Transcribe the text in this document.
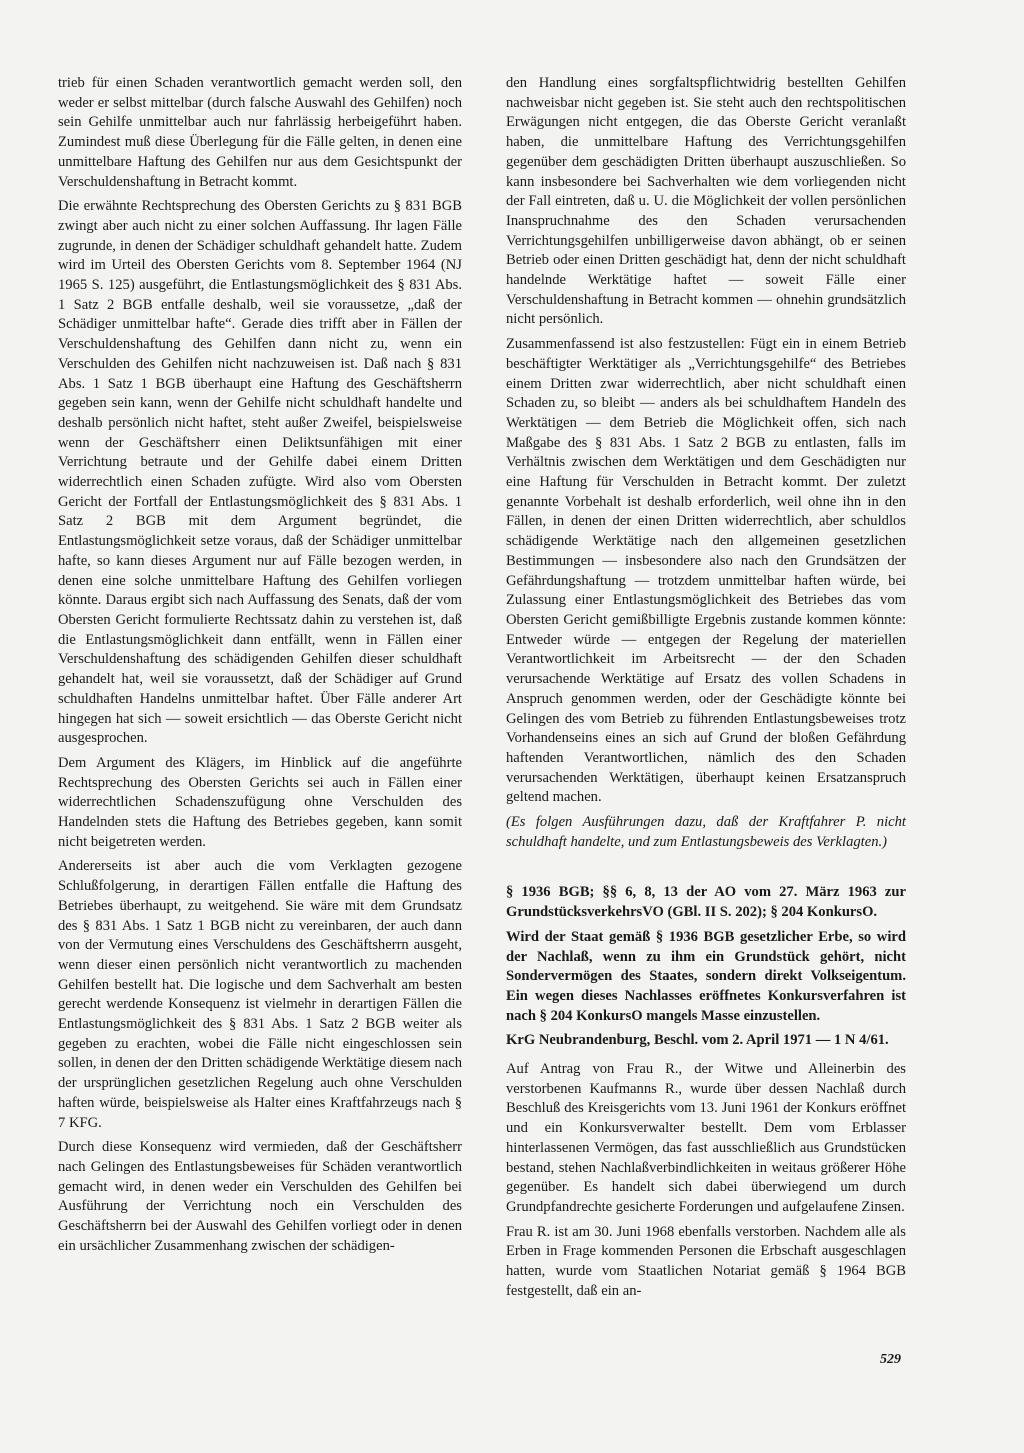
trieb für einen Schaden verantwortlich gemacht werden soll, den weder er selbst mittelbar (durch falsche Auswahl des Gehilfen) noch sein Gehilfe unmittelbar auch nur fahrlässig herbeigeführt haben. Zumindest muß diese Überlegung für die Fälle gelten, in denen eine unmittelbare Haftung des Gehilfen nur aus dem Gesichtspunkt der Verschuldenshaftung in Betracht kommt.

Die erwähnte Rechtsprechung des Obersten Gerichts zu § 831 BGB zwingt aber auch nicht zu einer solchen Auffassung. Ihr lagen Fälle zugrunde, in denen der Schädiger schuldhaft gehandelt hatte. Zudem wird im Urteil des Obersten Gerichts vom 8. September 1964 (NJ 1965 S. 125) ausgeführt, die Entlastungsmöglichkeit des § 831 Abs. 1 Satz 2 BGB entfalle deshalb, weil sie voraussetze, „daß der Schädiger unmittelbar hafte“. Gerade dies trifft aber in Fällen der Verschuldenshaftung des Gehilfen dann nicht zu, wenn ein Verschulden des Gehilfen nicht nachzuweisen ist. Daß nach § 831 Abs. 1 Satz 1 BGB überhaupt eine Haftung des Geschäftsherrn gegeben sein kann, wenn der Gehilfe nicht schuldhaft handelte und deshalb persönlich nicht haftet, steht außer Zweifel, beispielsweise wenn der Geschäftsherr einen Deliktsunfähigen mit einer Verrichtung betraute und der Gehilfe dabei einem Dritten widerrechtlich einen Schaden zufügte. Wird also vom Obersten Gericht der Fortfall der Entlastungsmöglichkeit des § 831 Abs. 1 Satz 2 BGB mit dem Argument begründet, die Entlastungsmöglichkeit setze voraus, daß der Schädiger unmittelbar hafte, so kann dieses Argument nur auf Fälle bezogen werden, in denen eine solche unmittelbare Haftung des Gehilfen vorliegen könnte. Daraus ergibt sich nach Auffassung des Senats, daß der vom Obersten Gericht formulierte Rechtssatz dahin zu verstehen ist, daß die Entlastungsmöglichkeit dann entfällt, wenn in Fällen einer Verschuldenshaftung des schädigenden Gehilfen dieser schuldhaft gehandelt hat, weil sie voraussetzt, daß der Schädiger auf Grund schuldhaften Handelns unmittelbar haftet. Über Fälle anderer Art hingegen hat sich — soweit ersichtlich — das Oberste Gericht nicht ausgesprochen.

Dem Argument des Klägers, im Hinblick auf die angeführte Rechtsprechung des Obersten Gerichts sei auch in Fällen einer widerrechtlichen Schadenszufügung ohne Verschulden des Handelnden stets die Haftung des Betriebes gegeben, kann somit nicht beigetreten werden.

Andererseits ist aber auch die vom Verklagten gezogene Schlußfolgerung, in derartigen Fällen entfalle die Haftung des Betriebes überhaupt, zu weitgehend. Sie wäre mit dem Grundsatz des § 831 Abs. 1 Satz 1 BGB nicht zu vereinbaren, der auch dann von der Vermutung eines Verschuldens des Geschäftsherrn ausgeht, wenn dieser einen persönlich nicht verantwortlich zu machenden Gehilfen bestellt hat. Die logische und dem Sachverhalt am besten gerecht werdende Konsequenz ist vielmehr in derartigen Fällen die Entlastungsmöglichkeit des § 831 Abs. 1 Satz 2 BGB weiter als gegeben zu erachten, wobei die Fälle nicht eingeschlossen sein sollen, in denen der den Dritten schädigende Werktätige diesem nach der ursprünglichen gesetzlichen Regelung auch ohne Verschulden haften würde, beispielsweise als Halter eines Kraftfahrzeugs nach § 7 KFG.

Durch diese Konsequenz wird vermieden, daß der Geschäftsherr nach Gelingen des Entlastungsbeweises für Schäden verantwortlich gemacht wird, in denen weder ein Verschulden des Gehilfen bei Ausführung der Verrichtung noch ein Verschulden des Geschäftsherrn bei der Auswahl des Gehilfen vorliegt oder in denen ein ursächlicher Zusammenhang zwischen der schädigen-

den Handlung eines sorgfaltspflichtwidrig bestellten Gehilfen nachweisbar nicht gegeben ist. Sie steht auch den rechtspolitischen Erwägungen nicht entgegen, die das Oberste Gericht veranlaßt haben, die unmittelbare Haftung des Verrichtungsgehilfen gegenüber dem geschädigten Dritten überhaupt auszuschließen. So kann insbesondere bei Sachverhalten wie dem vorliegenden nicht der Fall eintreten, daß u. U. die Möglichkeit der vollen persönlichen Inanspruchnahme des den Schaden verursachenden Verrichtungsgehilfen unbilligerweise davon abhängt, ob er seinen Betrieb oder einen Dritten geschädigt hat, denn der nicht schuldhaft handelnde Werktätige haftet — soweit Fälle einer Verschuldenshaftung in Betracht kommen — ohnehin grundsätzlich nicht persönlich.

Zusammenfassend ist also festzustellen: Fügt ein in einem Betrieb beschäftigter Werktätiger als „Verrichtungsgehilfe“ des Betriebes einem Dritten zwar widerrechtlich, aber nicht schuldhaft einen Schaden zu, so bleibt — anders als bei schuldhaftem Handeln des Werktätigen — dem Betrieb die Möglichkeit offen, sich nach Maßgabe des § 831 Abs. 1 Satz 2 BGB zu entlasten, falls im Verhältnis zwischen dem Werktätigen und dem Geschädigten nur eine Haftung für Verschulden in Betracht kommt. Der zuletzt genannte Vorbehalt ist deshalb erforderlich, weil ohne ihn in den Fällen, in denen der einen Dritten widerrechtlich, aber schuldlos schädigende Werktätige nach den allgemeinen gesetzlichen Bestimmungen — insbesondere also nach den Grundsätzen der Gefährdungshaftung — trotzdem unmittelbar haften würde, bei Zulassung einer Entlastungsmöglichkeit des Betriebes das vom Obersten Gericht gemißbilligte Ergebnis zustande kommen könnte: Entweder würde — entgegen der Regelung der materiellen Verantwortlichkeit im Arbeitsrecht — der den Schaden verursachende Werktätige auf Ersatz des vollen Schadens in Anspruch genommen werden, oder der Geschädigte könnte bei Gelingen des vom Betrieb zu führenden Entlastungsbeweises trotz Vorhandenseins eines an sich auf Grund der bloßen Gefährdung haftenden Verantwortlichen, nämlich des den Schaden verursachenden Werktätigen, überhaupt keinen Ersatzanspruch geltend machen.

(Es folgen Ausführungen dazu, daß der Kraftfahrer P. nicht schuldhaft handelte, und zum Entlastungsbeweis des Verklagten.)

§ 1936 BGB; §§ 6, 8, 13 der AO vom 27. März 1963 zur GrundstücksverkehrsVO (GBl. II S. 202); § 204 KonkursO.

Wird der Staat gemäß § 1936 BGB gesetzlicher Erbe, so wird der Nachlaß, wenn zu ihm ein Grundstück gehört, nicht Sondervermögen des Staates, sondern direkt Volkseigentum. Ein wegen dieses Nachlasses eröffnetes Konkursverfahren ist nach § 204 KonkursO mangels Masse einzustellen.

KrG Neubrandenburg, Beschl. vom 2. April 1971 — 1 N 4/61.

Auf Antrag von Frau R., der Witwe und Alleinerbin des verstorbenen Kaufmanns R., wurde über dessen Nachlaß durch Beschluß des Kreisgerichts vom 13. Juni 1961 der Konkurs eröffnet und ein Konkursverwalter bestellt. Dem vom Erblasser hinterlassenen Vermögen, das fast ausschließlich aus Grundstücken bestand, stehen Nachlaßverbindlichkeiten in weitaus größerer Höhe gegenüber. Es handelt sich dabei überwiegend um durch Grundpfandrechte gesicherte Forderungen und aufgelaufene Zinsen.

Frau R. ist am 30. Juni 1968 ebenfalls verstorben. Nachdem alle als Erben in Frage kommenden Personen die Erbschaft ausgeschlagen hatten, wurde vom Staatlichen Notariat gemäß § 1964 BGB festgestellt, daß ein an-

529
